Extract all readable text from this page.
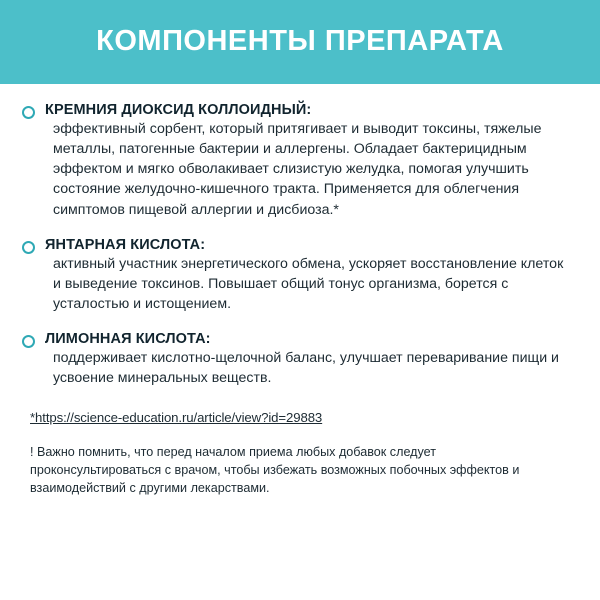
КОМПОНЕНТЫ ПРЕПАРАТА
КРЕМНИЯ ДИОКСИД КОЛЛОИДНЫЙ:
эффективный сорбент, который притягивает и выводит токсины, тяжелые металлы, патогенные бактерии и аллергены. Обладает бактерицидным эффектом и мягко обволакивает слизистую желудка, помогая улучшить состояние желудочно-кишечного тракта. Применяется для облегчения симптомов пищевой аллергии и дисбиоза.*
ЯНТАРНАЯ КИСЛОТА:
активный участник энергетического обмена, ускоряет восстановление клеток и выведение токсинов. Повышает общий тонус организма, борется с усталостью и истощением.
ЛИМОННАЯ КИСЛОТА:
поддерживает кислотно-щелочной баланс, улучшает переваривание пищи и усвоение минеральных веществ.
*https://science-education.ru/article/view?id=29883
! Важно помнить, что перед началом приема любых добавок следует проконсультироваться с врачом, чтобы избежать возможных побочных эффектов и взаимодействий с другими лекарствами.
